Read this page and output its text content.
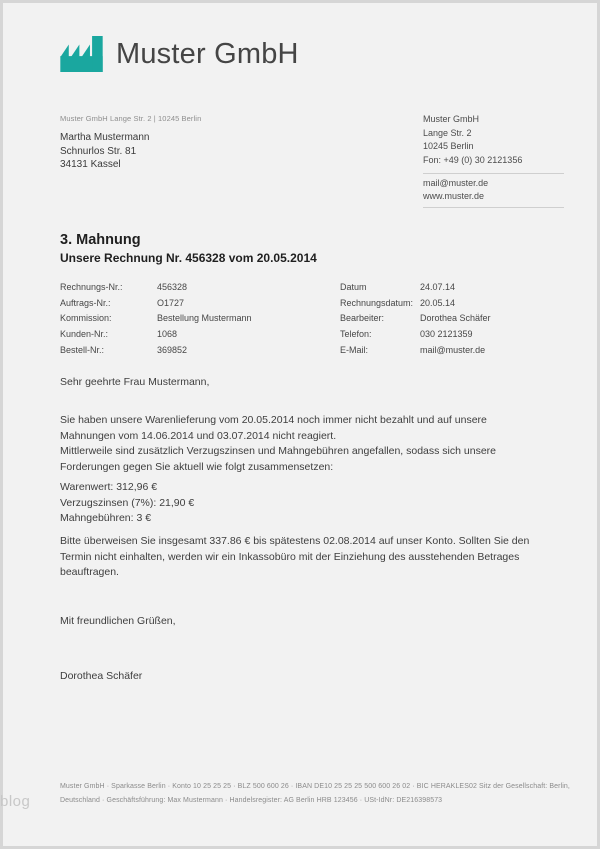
Muster GmbH
Muster GmbH Lange Str. 2 | 10245 Berlin
Martha Mustermann
Schnurlos Str. 81
34131 Kassel
Muster GmbH
Lange Str. 2
10245 Berlin
Fon: +49 (0) 30 2121356
mail@muster.de
www.muster.de
3. Mahnung
Unsere Rechnung Nr. 456328 vom 20.05.2014
Rechnungs-Nr.:	456328	Datum	24.07.14
Auftrags-Nr.:	O1727	Rechnungsdatum: 20.05.14
Kommission:	Bestellung Mustermann	Bearbeiter:	Dorothea Schäfer
Kunden-Nr.:	1068	Telefon:	030 2121359
Bestell-Nr.:	369852	E-Mail:	mail@muster.de
Sehr geehrte Frau Mustermann,
Sie haben unsere Warenlieferung vom 20.05.2014 noch immer nicht bezahlt und auf unsere
Mahnungen vom 14.06.2014 und 03.07.2014 nicht reagiert.
Mittlerweile sind zusätzlich Verzugszinsen und Mahngebühren angefallen, sodass sich unsere
Forderungen gegen Sie aktuell wie folgt zusammensetzen:
Warenwert: 312,96 €
Verzugszinsen (7%): 21,90 €
Mahngebühren: 3 €
Bitte überweisen Sie insgesamt 337.86 € bis spätestens 02.08.2014 auf unser Konto. Sollten Sie den
Termin nicht einhalten, werden wir ein Inkassobüro mit der Einziehung des ausstehenden Betrages
beauftragen.
Mit freundlichen Grüßen,
Dorothea Schäfer
Muster GmbH · Sparkasse Berlin · Konto 10 25 25 25 · BLZ 500 600 26 · IBAN DE10 25 25 25 500 600 26 02 · BIC HERAKLES02 Sitz der Gesellschaft: Berlin,
Deutschland · Geschäftsführung: Max Mustermann · Handelsregister: AG Berlin HRB 123456 · USt-IdNr: DE216398573
blog
